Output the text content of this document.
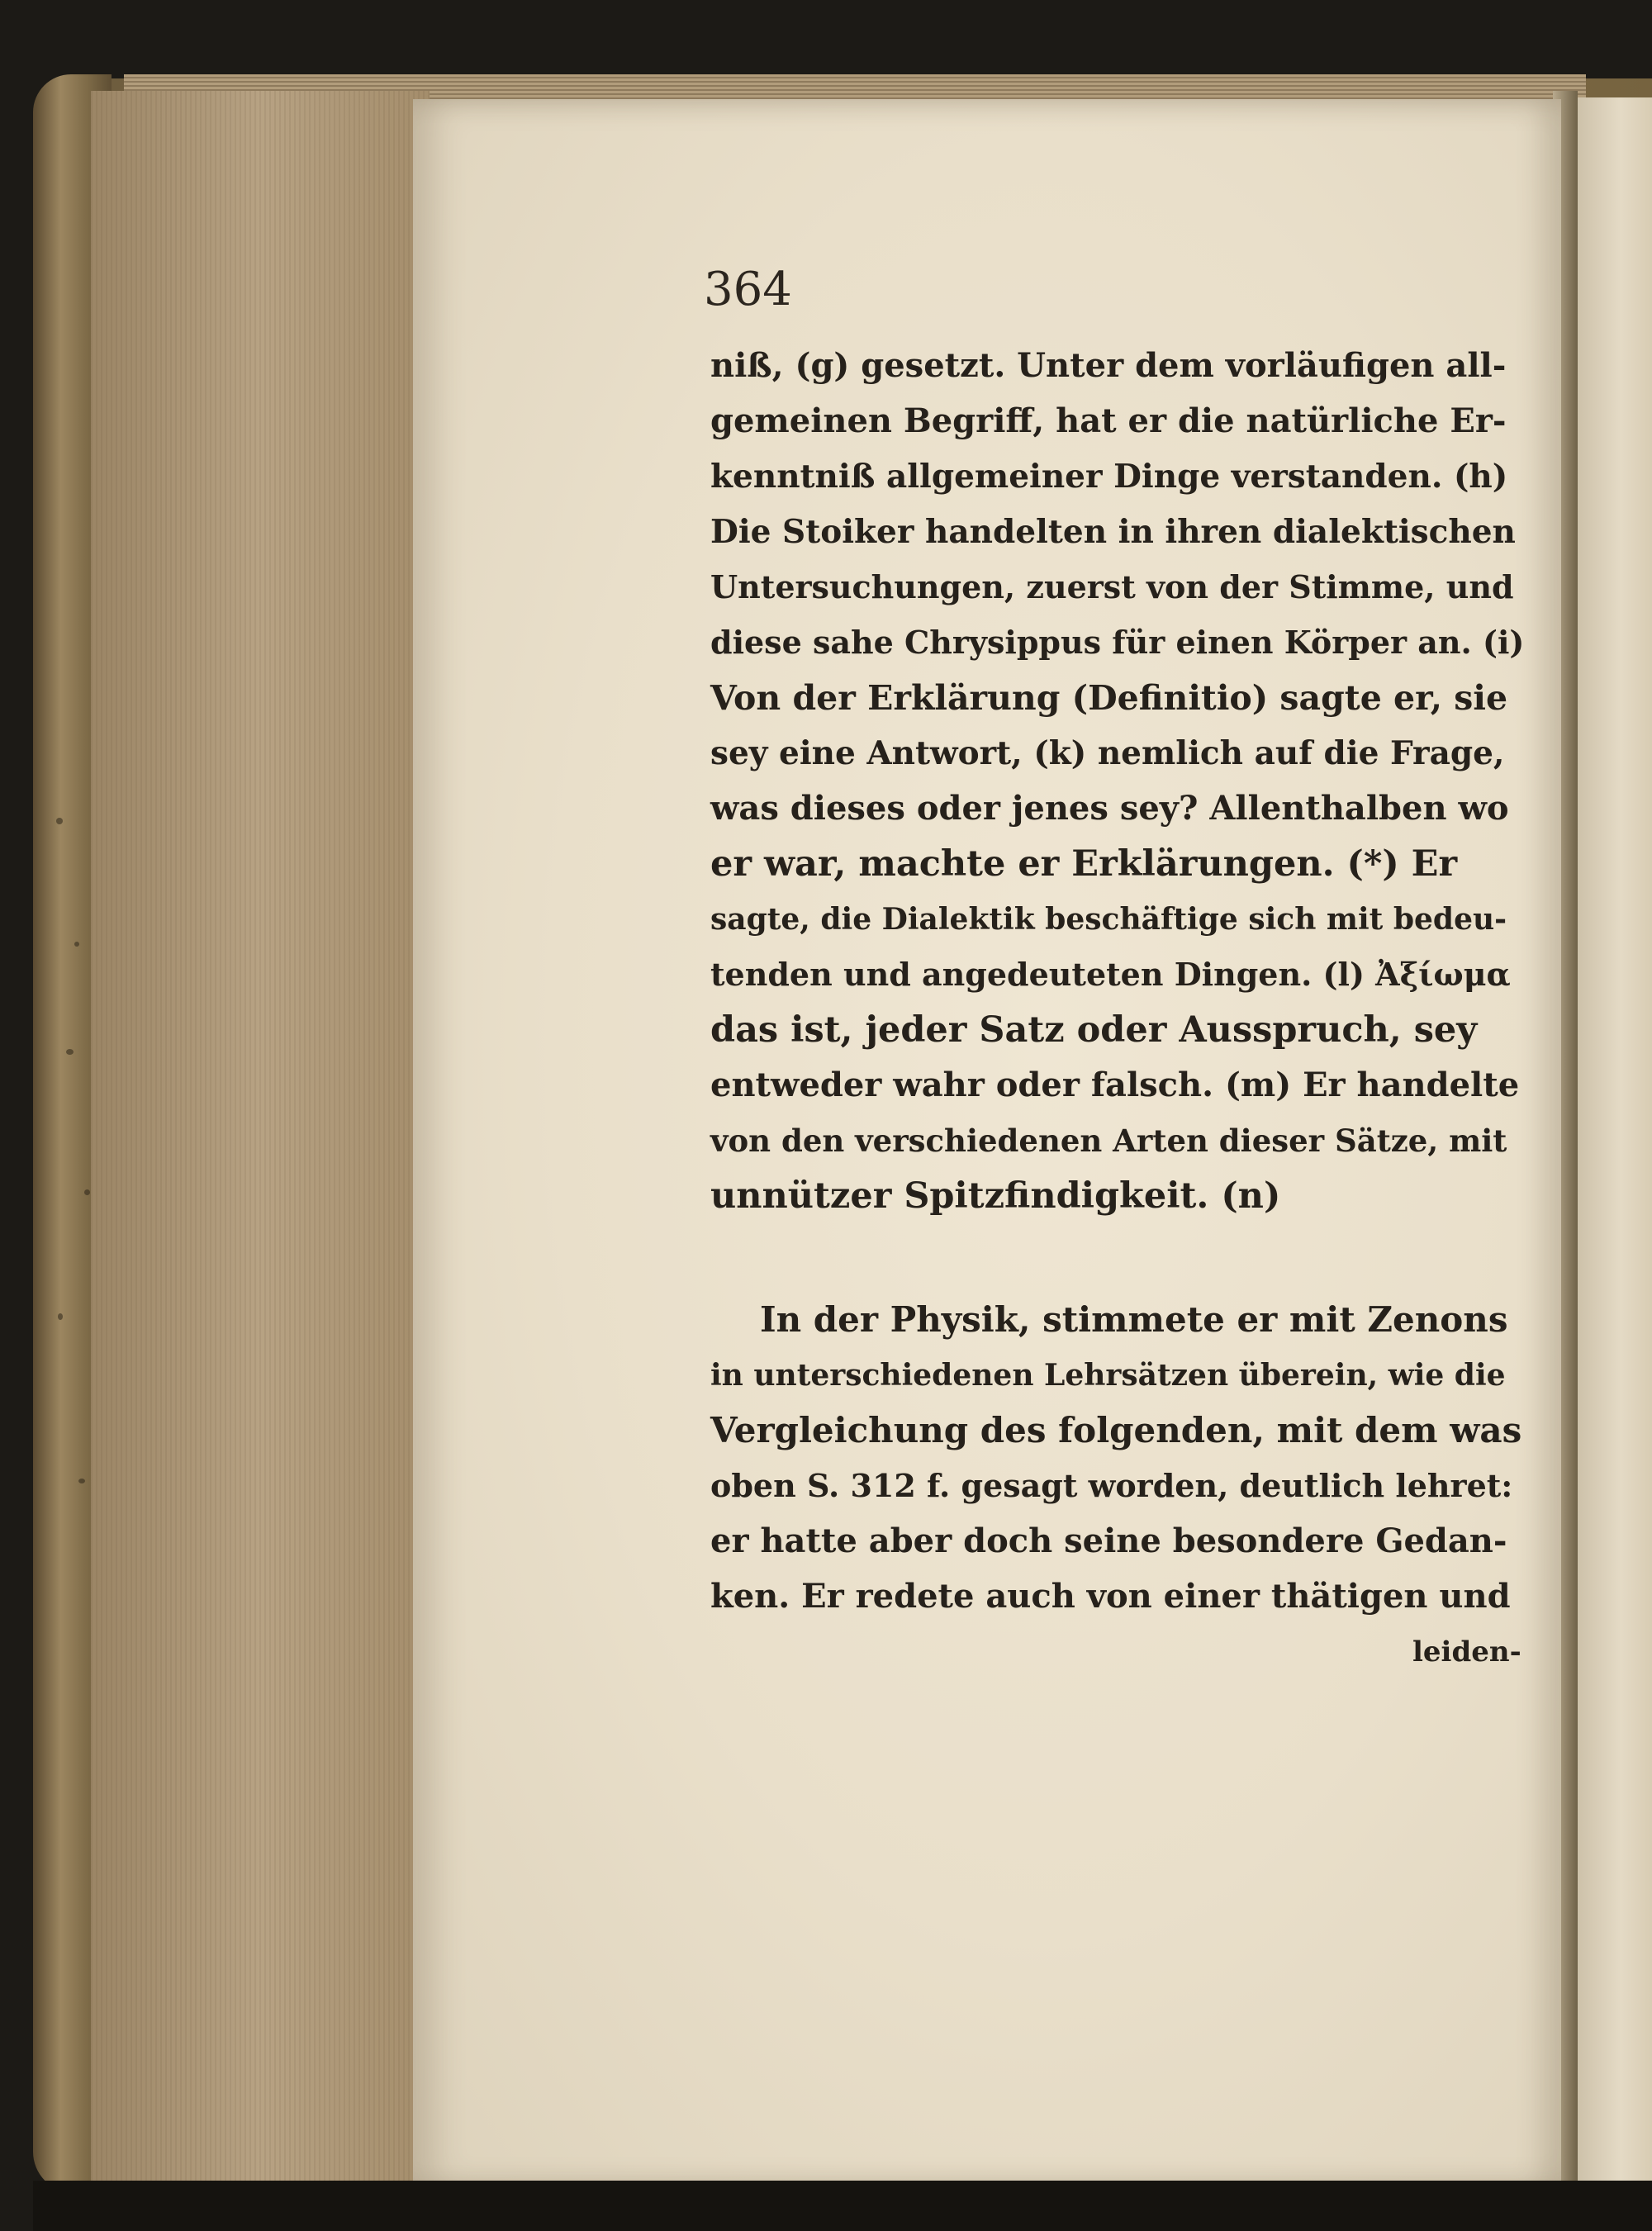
364
niß, (g) gesetzt. Unter dem vorläufigen all-
gemeinen Begriff, hat er die natürliche Er-
kenntniß allgemeiner Dinge verstanden. (h)
Die Stoiker handelten in ihren dialektischen
Untersuchungen, zuerst von der Stimme, und
diese sahe Chrysippus für einen Körper an. (i)
Von der Erklärung (Definitio) sagte er, sie
sey eine Antwort, (k) nemlich auf die Frage,
was dieses oder jenes sey? Allenthalben wo
er war, machte er Erklärungen. (*) Er
sagte, die Dialektik beschäftige sich mit bedeu-
tenden und angedeuteten Dingen. (l) Ἀξίωμα
das ist, jeder Satz oder Ausspruch, sey
entweder wahr oder falsch. (m) Er handelte
von den verschiedenen Arten dieser Sätze, mit
unnützer Spitzfindigkeit. (n)
In der Physik, stimmete er mit Zenons
in unterschiedenen Lehrsätzen überein, wie die
Vergleichung des folgenden, mit dem was
oben S. 312 f. gesagt worden, deutlich lehret:
er hatte aber doch seine besondere Gedan-
ken. Er redete auch von einer thätigen und
leiden-
